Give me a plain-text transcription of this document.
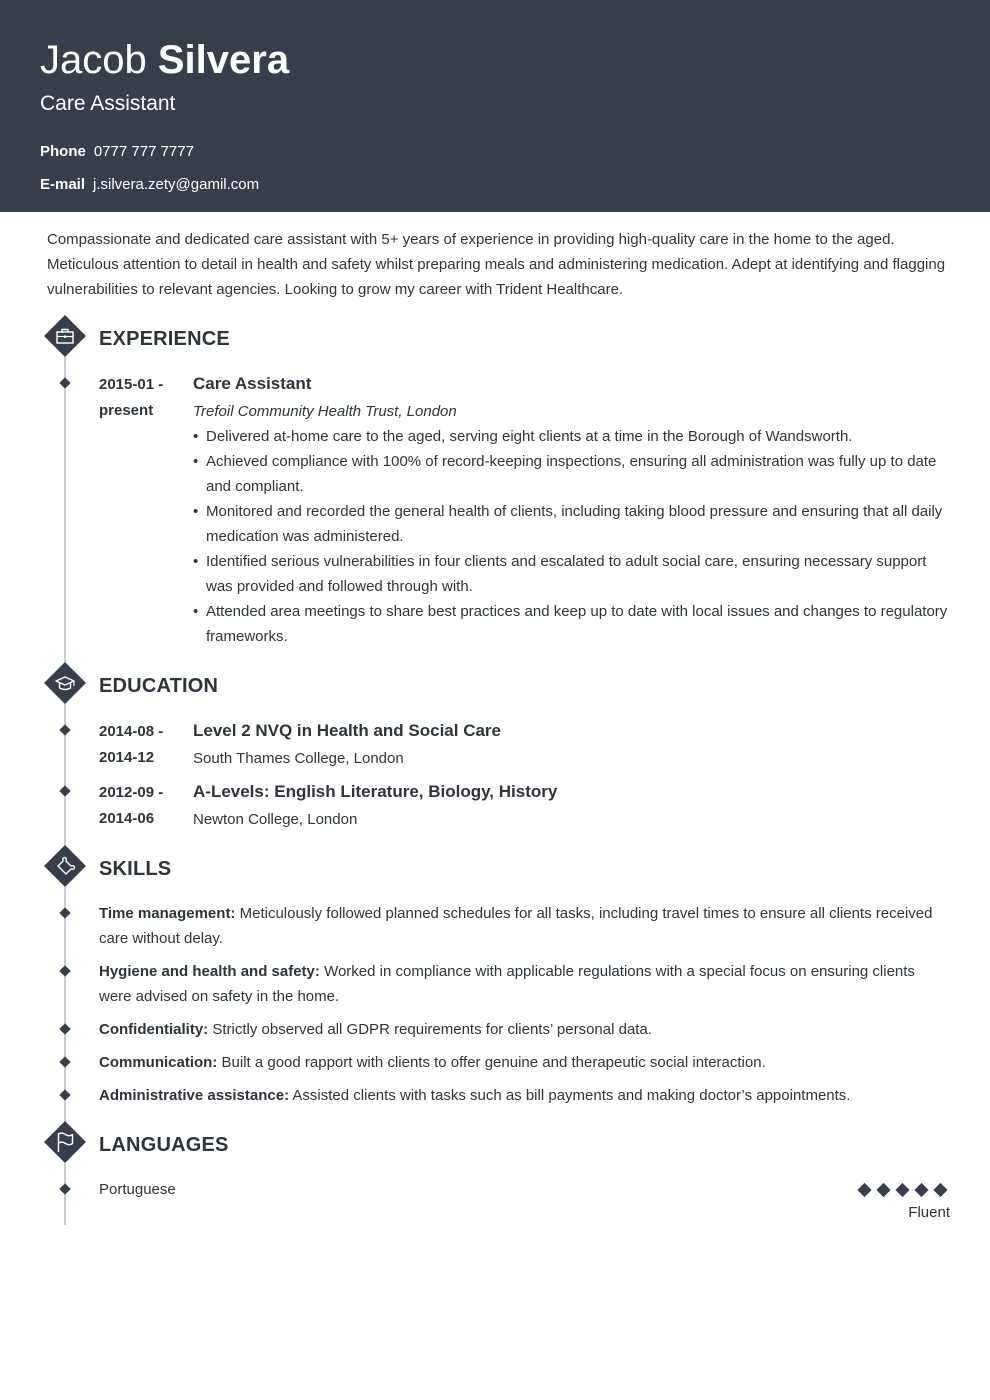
Jacob Silvera
Care Assistant
Phone 0777 777 7777
E-mail j.silvera.zety@gamil.com
Compassionate and dedicated care assistant with 5+ years of experience in providing high-quality care in the home to the aged. Meticulous attention to detail in health and safety whilst preparing meals and administering medication. Adept at identifying and flagging vulnerabilities to relevant agencies. Looking to grow my career with Trident Healthcare.
EXPERIENCE
2015-01 -
present
Care Assistant
Trefoil Community Health Trust, London
• Delivered at-home care to the aged, serving eight clients at a time in the Borough of Wandsworth.
• Achieved compliance with 100% of record-keeping inspections, ensuring all administration was fully up to date and compliant.
• Monitored and recorded the general health of clients, including taking blood pressure and ensuring that all daily medication was administered.
• Identified serious vulnerabilities in four clients and escalated to adult social care, ensuring necessary support was provided and followed through with.
• Attended area meetings to share best practices and keep up to date with local issues and changes to regulatory frameworks.
EDUCATION
2014-08 -
2014-12
Level 2 NVQ in Health and Social Care
South Thames College, London
2012-09 -
2014-06
A-Levels: English Literature, Biology, History
Newton College, London
SKILLS
Time management: Meticulously followed planned schedules for all tasks, including travel times to ensure all clients received care without delay.
Hygiene and health and safety: Worked in compliance with applicable regulations with a special focus on ensuring clients were advised on safety in the home.
Confidentiality: Strictly observed all GDPR requirements for clients’ personal data.
Communication: Built a good rapport with clients to offer genuine and therapeutic social interaction.
Administrative assistance: Assisted clients with tasks such as bill payments and making doctor’s appointments.
LANGUAGES
Portuguese
Fluent
